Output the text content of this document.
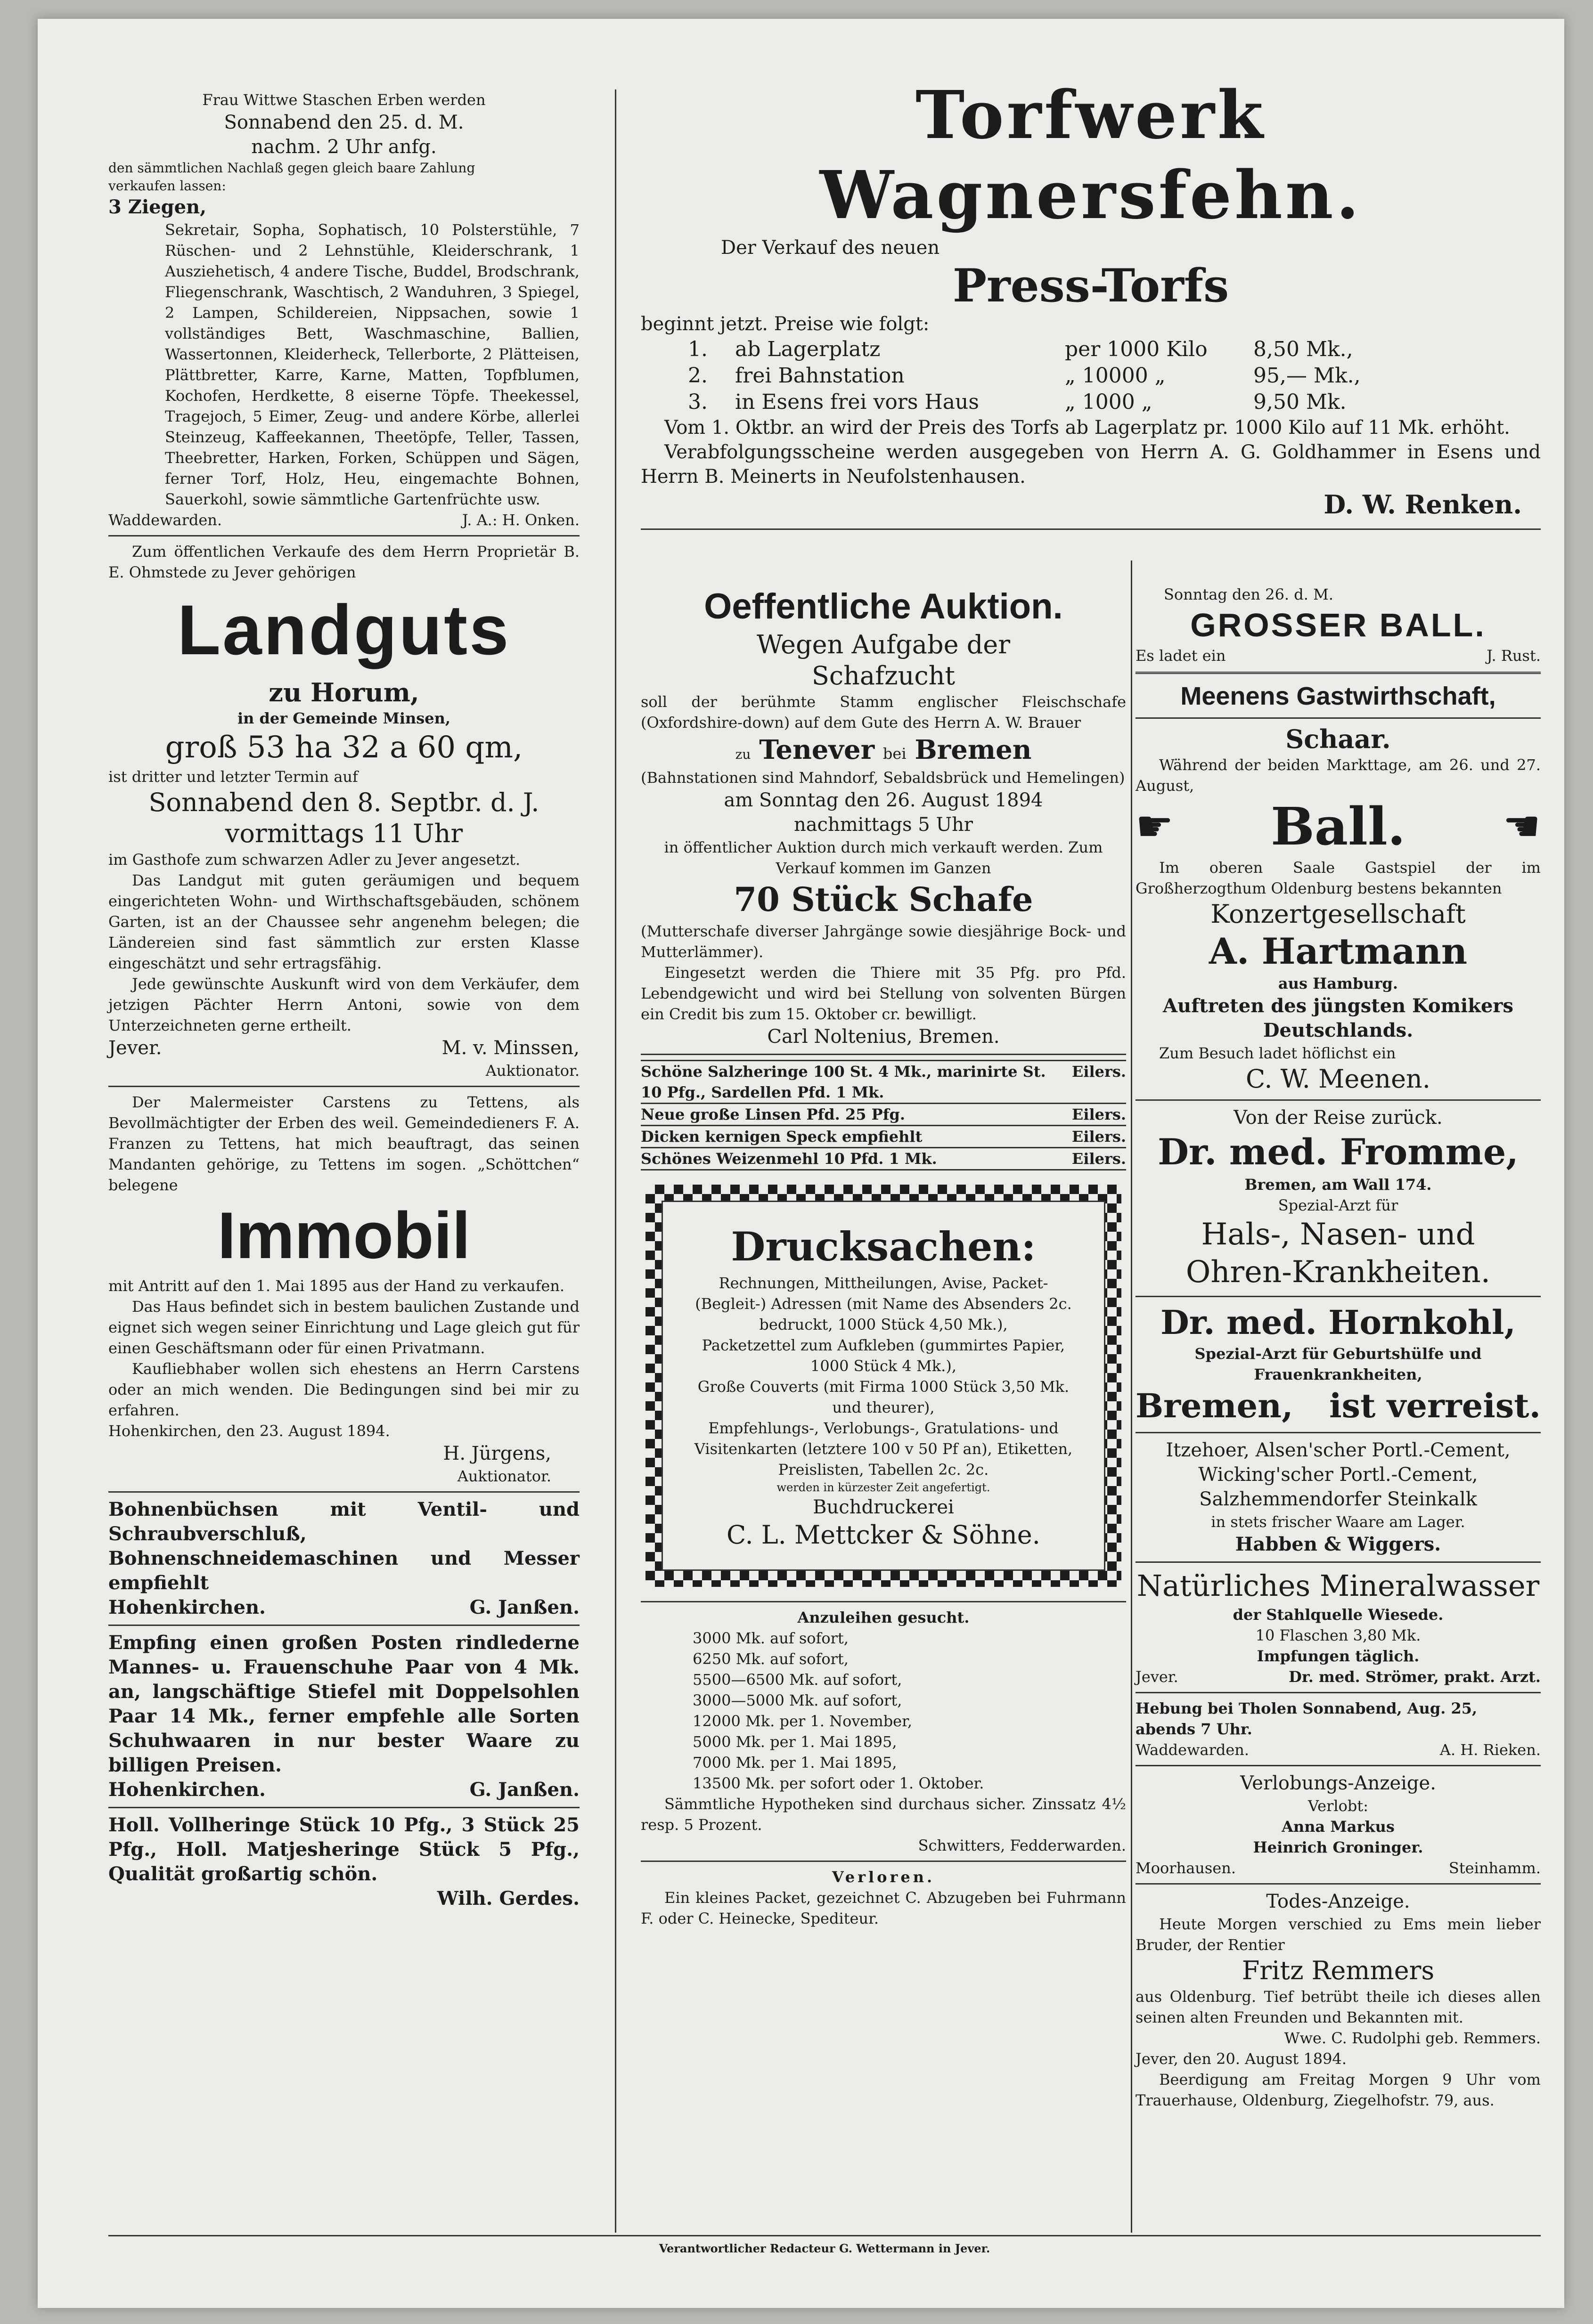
Frau Wittwe Staschen Erben werden
Sonnabend den 25. d. M.
nachm. 2 Uhr anfg.
den sämmtlichen Nachlaß gegen gleich baare Zahlung
verkaufen lassen:
3 Ziegen,
Sekretair, Sopha, Sophatisch, 10 Polsterstühle, 7 Rüschen- und 2 Lehnstühle, Kleiderschrank, 1 Ausziehetisch, 4 andere Tische, Buddel, Brodschrank, Fliegenschrank, Waschtisch, 2 Wanduhren, 3 Spiegel, 2 Lampen, Schildereien, Nippsachen, sowie 1 vollständiges Bett, Waschmaschine, Ballien, Wassertonnen, Kleiderheck, Tellerborte, 2 Plätteisen, Plättbretter, Karre, Karne, Matten, Topfblumen, Kochofen, Herdkette, 8 eiserne Töpfe. Theekessel, Tragejoch, 5 Eimer, Zeug- und andere Körbe, allerlei Steinzeug, Kaffeekannen, Theetöpfe, Teller, Tassen, Theebretter, Harken, Forken, Schüppen und Sägen, ferner Torf, Holz, Heu, eingemachte Bohnen, Sauerkohl, sowie sämmtliche Gartenfrüchte usw.
Waddewarden.	J. A.: H. Onken.
Zum öffentlichen Verkaufe des dem Herrn Proprietär B. E. Ohmstede zu Jever gehörigen
Landguts
zu Horum,
in der Gemeinde Minsen,
groß 53 ha 32 a 60 qm,
ist dritter und letzter Termin auf
Sonnabend den 8. Septbr. d. J.
vormittags 11 Uhr
im Gasthofe zum schwarzen Adler zu Jever angesetzt.
Das Landgut mit guten geräumigen und bequem eingerichteten Wohn- und Wirthschaftsgebäuden, schönem Garten, ist an der Chaussee sehr angenehm belegen; die Ländereien sind fast sämmtlich zur ersten Klasse eingeschätzt und sehr ertragsfähig.
Jede gewünschte Auskunft wird von dem Verkäufer, dem jetzigen Pächter Herrn Antoni, sowie von dem Unterzeichneten gerne ertheilt.
Jever.	M. v. Minssen,
Auktionator.
Der Malermeister Carstens zu Tettens, als Bevollmächtigter der Erben des weil. Gemeindedieners F. A. Franzen zu Tettens, hat mich beauftragt, das seinen Mandanten gehörige, zu Tettens im sogen. „Schöttchen“ belegene
Immobil
mit Antritt auf den 1. Mai 1895 aus der Hand zu verkaufen.
Das Haus befindet sich in bestem baulichen Zustande und eignet sich wegen seiner Einrichtung und Lage gleich gut für einen Geschäftsmann oder für einen Privatmann.
Kaufliebhaber wollen sich ehestens an Herrn Carstens oder an mich wenden. Die Bedingungen sind bei mir zu erfahren.
Hohenkirchen, den 23. August 1894.
H. Jürgens,
Auktionator.
Bohnenbüchsen mit Ventil- und Schraubverschluß, Bohnenschneidemaschinen und Messer empfiehlt
Hohenkirchen.	G. Janßen.
Empfing einen großen Posten rindlederne Mannes- u. Frauenschuhe Paar von 4 Mk. an, langschäftige Stiefel mit Doppelsohlen Paar 14 Mk., ferner empfehle alle Sorten Schuhwaaren in nur bester Waare zu billigen Preisen.
Hohenkirchen.	G. Janßen.
Holl. Vollheringe Stück 10 Pfg., 3 Stück 25 Pfg., Holl. Matjesheringe Stück 5 Pfg., Qualität großartig schön.
Wilh. Gerdes.
Torfwerk Wagnersfehn.
Der Verkauf des neuen
Press-Torfs
beginnt jetzt. Preise wie folgt:
1.	ab Lagerplatz	per 1000 Kilo	8,50 Mk.,
2.	frei Bahnstation	„ 10000 „	95,— Mk.,
3.	in Esens frei vors Haus	„ 1000 „	9,50 Mk.
Vom 1. Oktbr. an wird der Preis des Torfs ab Lagerplatz pr. 1000 Kilo auf 11 Mk. erhöht.
Verabfolgungsscheine werden ausgegeben von Herrn A. G. Goldhammer in Esens und Herrn B. Meinerts in Neufolstenhausen.
D. W. Renken.
Oeffentliche Auktion.
Wegen Aufgabe der
Schafzucht
soll der berühmte Stamm englischer Fleischschafe (Oxfordshire-down) auf dem Gute des Herrn A. W. Brauer
zu Tenever bei Bremen
(Bahnstationen sind Mahndorf, Sebaldsbrück und Hemelingen)
am Sonntag den 26. August 1894
nachmittags 5 Uhr
in öffentlicher Auktion durch mich verkauft werden. Zum Verkauf kommen im Ganzen
70 Stück Schafe
(Mutterschafe diverser Jahrgänge sowie diesjährige Bock- und Mutterlämmer).
Eingesetzt werden die Thiere mit 35 Pfg. pro Pfd. Lebendgewicht und wird bei Stellung von solventen Bürgen ein Credit bis zum 15. Oktober cr. bewilligt.
Carl Noltenius, Bremen.
Schöne Salzheringe 100 St. 4 Mk., marinirte St. 10 Pfg., Sardellen Pfd. 1 Mk.
Eilers.
Neue große Linsen Pfd. 25 Pfg.	Eilers.
Dicken kernigen Speck empfiehlt	Eilers.
Schönes Weizenmehl 10 Pfd. 1 Mk.	Eilers.
Drucksachen:
Rechnungen, Mittheilungen, Avise, Packet- (Begleit-) Adressen (mit Name des Absenders 2c. bedruckt, 1000 Stück 4,50 Mk.),
Packetzettel zum Aufkleben (gummirtes Papier, 1000 Stück 4 Mk.),
Große Couverts (mit Firma 1000 Stück 3,50 Mk. und theurer),
Empfehlungs-, Verlobungs-, Gratulations- und Visitenkarten (letztere 100 v 50 Pf an), Etiketten, Preislisten, Tabellen 2c. 2c.
werden in kürzester Zeit angefertigt.
Buchdruckerei
C. L. Mettcker & Söhne.
Anzuleihen gesucht.
3000 Mk. auf sofort,
6250 Mk. auf sofort,
5500—6500 Mk. auf sofort,
3000—5000 Mk. auf sofort,
12000 Mk. per 1. November,
5000 Mk. per 1. Mai 1895,
7000 Mk. per 1. Mai 1895,
13500 Mk. per sofort oder 1. Oktober.
Sämmtliche Hypotheken sind durchaus sicher. Zinssatz 4½ resp. 5 Prozent.
Schwitters, Fedderwarden.
Verloren.
Ein kleines Packet, gezeichnet C. Abzugeben bei Fuhrmann F. oder C. Heinecke, Spediteur.
Sonntag den 26. d. M.
GROSSER BALL.
Es ladet ein	J. Rust.
Meenens Gastwirthschaft,
Schaar.
Während der beiden Markttage, am 26. und 27. August,
☛ Ball. ☚
Im oberen Saale Gastspiel der im Großherzogthum Oldenburg bestens bekannten
Konzertgesellschaft
A. Hartmann
aus Hamburg.
Auftreten des jüngsten Komikers Deutschlands.
Zum Besuch ladet höflichst ein
C. W. Meenen.
Von der Reise zurück.
Dr. med. Fromme,
Bremen, am Wall 174.
Spezial-Arzt für
Hals-, Nasen- und
Ohren-Krankheiten.
Dr. med. Hornkohl,
Spezial-Arzt für Geburtshülfe und Frauenkrankheiten,
Bremen, ist verreist.
Itzehoer, Alsen'scher Portl.-Cement,
Wicking'scher Portl.-Cement,
Salzhemmendorfer Steinkalk
in stets frischer Waare am Lager.
Habben & Wiggers.
Natürliches Mineralwasser
der Stahlquelle Wiesede.
10 Flaschen 3,80 Mk.
Impfungen täglich.
Jever.	Dr. med. Strömer, prakt. Arzt.
Hebung bei Tholen Sonnabend, Aug. 25, abends 7 Uhr.
Waddewarden.	A. H. Rieken.
Verlobungs-Anzeige.
Verlobt:
Anna Markus
Heinrich Groninger.
Moorhausen.	Steinhamm.
Todes-Anzeige.
Heute Morgen verschied zu Ems mein lieber Bruder, der Rentier
Fritz Remmers
aus Oldenburg. Tief betrübt theile ich dieses allen seinen alten Freunden und Bekannten mit.
Wwe. C. Rudolphi geb. Remmers.
Jever, den 20. August 1894.
Beerdigung am Freitag Morgen 9 Uhr vom Trauerhause, Oldenburg, Ziegelhofstr. 79, aus.
Verantwortlicher Redacteur G. Wettermann in Jever.
